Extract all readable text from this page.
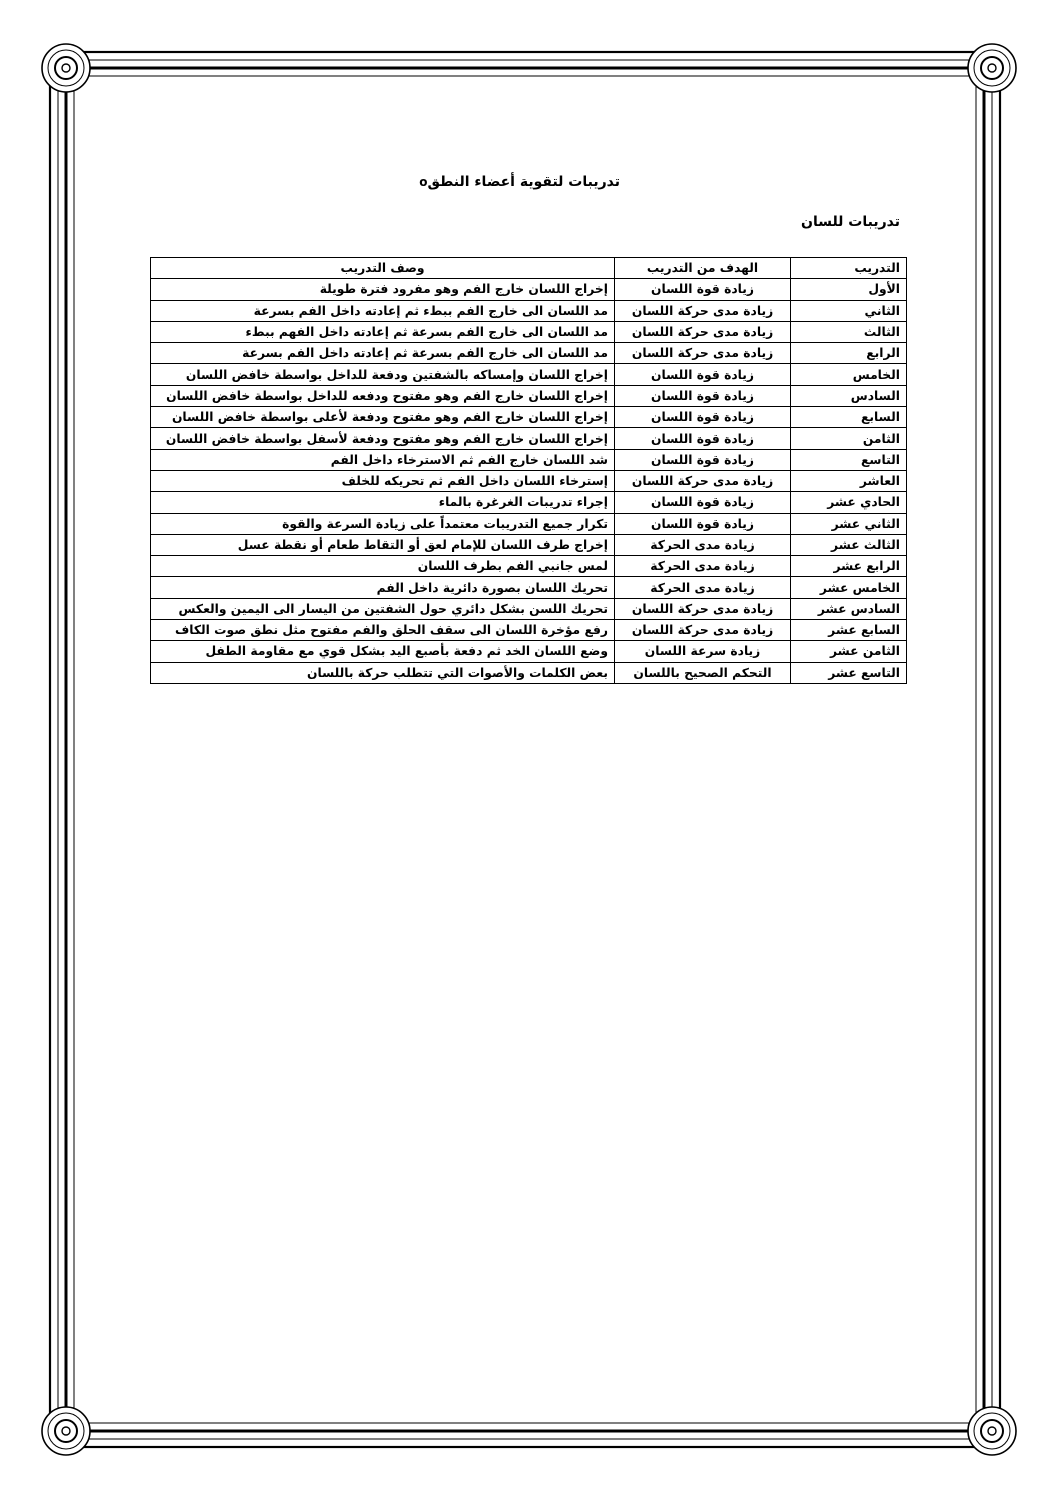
تدريبات لتقوية أعضاء النطقo
تدريبات للسان
التدريب	الهدف من التدريب	وصف التدريب
الأول	زيادة قوة اللسان	إخراج اللسان خارج الفم وهو مفرود فترة طويلة
الثاني	زيادة مدى حركة اللسان	مد اللسان الى خارج الفم ببطء ثم إعادته داخل الفم بسرعة
الثالث	زيادة مدى حركة اللسان	مد اللسان الى خارج الفم بسرعة ثم إعادته داخل الفهم ببطء
الرابع	زيادة مدى حركة اللسان	مد اللسان الى خارج الفم بسرعة ثم إعادته داخل الفم بسرعة
الخامس	زيادة قوة اللسان	إخراج اللسان وإمساكه بالشفتين ودفعة للداخل بواسطة خافض اللسان
السادس	زيادة قوة اللسان	إخراج اللسان خارج الفم وهو مفتوح ودفعه للداخل بواسطة خافض اللسان
السابع	زيادة قوة اللسان	إخراج اللسان خارج الفم وهو مفتوح ودفعة لأعلى بواسطة خافض اللسان
الثامن	زيادة قوة اللسان	إخراج اللسان خارج الفم وهو مفتوح ودفعة لأسفل بواسطة خافض اللسان
التاسع	زيادة قوة اللسان	شد اللسان خارج الفم ثم الاسترخاء داخل الفم
العاشر	زيادة مدى حركة اللسان	إسترخاء اللسان داخل الفم ثم تحريكه للخلف
الحادي عشر	زيادة قوة اللسان	إجراء تدريبات الغرغرة بالماء
الثاني عشر	زيادة قوة اللسان	تكرار جميع التدريبات معتمداً على زيادة السرعة والقوة
الثالث عشر	زيادة مدى الحركة	إخراج طرف اللسان للإمام لعق أو التقاط طعام أو نقطة عسل
الرابع عشر	زيادة مدى الحركة	لمس جانبي الفم بطرف اللسان
الخامس عشر	زيادة مدى الحركة	تحريك اللسان بصورة دائرية داخل الفم
السادس عشر	زيادة مدى حركة اللسان	تحريك اللسن بشكل دائري حول الشفتين من اليسار الى اليمين والعكس
السابع عشر	زيادة مدى حركة اللسان	رفع مؤخرة اللسان الى سقف الحلق والفم مفتوح مثل نطق صوت الكاف
الثامن عشر	زيادة سرعة اللسان	وضع اللسان الخد ثم دفعة بأصبع اليد بشكل قوي مع مقاومة الطفل
التاسع عشر	التحكم الصحيح باللسان	بعض الكلمات والأصوات التي تتطلب حركة باللسان
